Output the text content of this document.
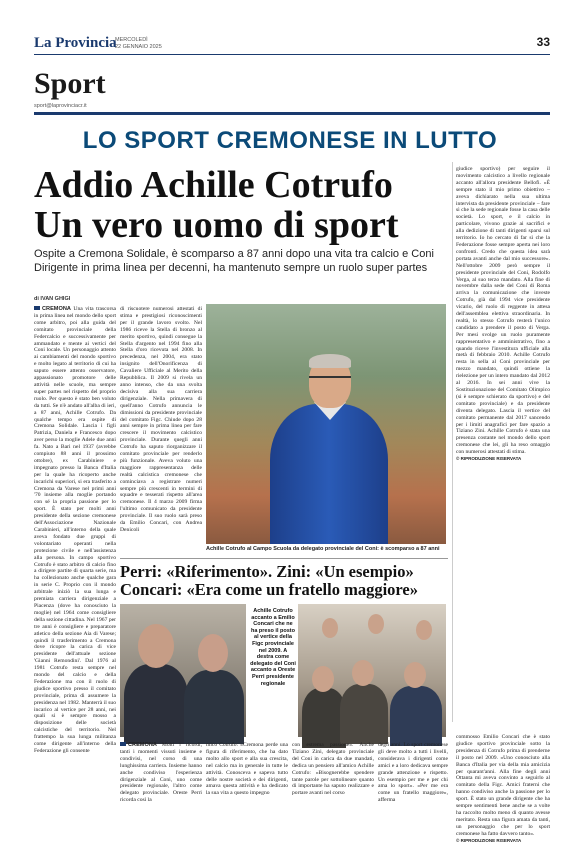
La Provincia
MERCOLEDÌ
22 GENNAIO 2025	33
Sport
sport@laprovinciacr.it
LO SPORT CREMONESE IN LUTTO
Addio Achille Cotrufo
Un vero uomo di sport
Ospite a Cremona Solidale, è scomparso a 87 anni dopo una vita tra calcio e Coni Dirigente in prima linea per decenni, ha mantenuto sempre un ruolo super partes
di IVAN GHIGI

CREMONA Una vita trascorsa in prima linea nel mondo dello sport come arbitro, poi alla guida del comitato provinciale della Federcalcio e successivamente per ammandato e mente ai vertici del Coni locale. Un personaggio attento ai cambiamenti del mondo sportivo e molto legato al territorio di cui ha saputo essere attento osservatore, appassionato promotore delle attività nelle scuole, ma sempre super partes nel rispetto del proprio ruolo. Per questo è stato ben voluto da tutti. Se n'è andato all'alba di ieri, a 87 anni, Achille Cotrufo. Da qualche tempo era ospite di Cremona Solidale. Lascia i figli Patrizia, Daniela e Francesco dopo aver perso la moglie Adele due anni fa. Nato a Bari nel 1937 (avrebbe compiuto 88 anni il prossimo ottobre), ex Carabiniere e impegnato presso la Banca d'Italia per la quale ha ricoperto anche incarichi superiori, si era trasferito a Cremona da Varese nel primi anni '70 insieme alla moglie portando con sé la propria passione per lo sport. È stato per molti anni presidente della sezione cremonese dell'Associazione Nazionale Carabinieri, all'interno della quale aveva fondato due gruppi di volontariato operanti nella protezione civile e nell'assistenza alla persona. In campo sportivo Cotrufo è stato arbitro di calcio fino a dirigere partite di quarta serie, ma ha collezionato anche qualche gara in serie C. Proprio con il mondo arbitrale iniziò la sua lunga e premiata carriera dirigenziale a Piacenza (dove ha conosciuto la moglie) nel 1964 come consigliere della sezione cittadina. Nel 1967 per tre anni è consigliere e preparatore atletico della sezione Aia di Varese; quindi il trasferimento a Cremona dove ricopre la carica di vice presidente dell'attuale sezione 'Gianni Remondini'. Dal 1976 al 1981 Cotrufo resta sempre nel mondo del calcio e della Federazione ma con il ruolo di giudice sportivo presso il comitato provinciale, prima di assumere la presidenza nel 1982. Manterrà il suo incarico al vertice per 28 anni, nei quali si è sempre mosso a disposizione delle società calcistiche del territorio. Nel frattempo la sua lunga militanza come dirigente all'interno della Federazione gli consente

di riscuotere numerosi attestati di stima e prestigiosi riconoscimenti per il grande lavoro svolto. Nel 1986 riceve la Stella di bronzo al merito sportivo, quindi consegue la Stella d'argento nel 1994 fino alla Stella d'oro ricevuta nel 2008. In precedenza, nel 2004, era stato insignito dell'Onorificenza di Cavaliere Ufficiale al Merito della Repubblica. Il 2009 si rivela un anno intenso, che da una svolta decisiva alla sua carriera dirigenziale. Nella primavera di quell'anno Cotrufo annuncia le dimissioni da presidente provinciale del comitato Figc. Chiude dopo 28 anni sempre in prima linea per fare crescere il movimento calcistico provinciale. Durante quegli anni Cotrufo ha saputo riorganizzare il comitato provinciale per renderlo più funzionale. Aveva voluto una maggiore rappresentanza delle realtà calcistica cremonese che cominciava a registrare numeri sempre più crescenti in termini di squadre e tesserati rispetto all'area cremonese. Il 4 marzo 2009 firma l'ultimo comunicato da presidente provinciale. Il suo ruolo sarà preso da Emilio Concari, con Andrea Denicoli

Achille Cotrufo al Campo Scuola da delegato provinciale del Coni: è scomparso a 87 anni

giudice sportivo) per seguire il movimento calcistico a livello regionale accanto all'allora presidente Bellofi. «È sempre stato il mio primo obiettivo – aveva dichiarato nella sua ultima intervista da presidente provinciale – fare sì che la sede regionale fosse la casa delle società. Lo sport, e il calcio in particolare, vivono grazie ai sacrifici e alla dedizione di tanti dirigenti sparsi sul territorio. Io ho cercato di far sì che la Federazione fosse sempre aperta nei loro confronti. Credo che questa idea sarà portata avanti anche dal mio successore». Nell'ottobre 2009 però sempre il presidente provinciale del Coni, Rodolfo Verga, al suo terzo mandato. Alla fine di novembre dalla sede del Coni di Roma arriva la comunicazione che investe Cotrufo, già dal 1994 vice presidente vicario, del ruolo di reggente in attesa dell'assemblea elettiva straordinaria. In realtà, lo stesso Cotrufo resterà l'unico candidato a prendere il posto di Verga. Per mesi svolge un ruolo puramente rappresentativo e amministrativo, fino a quando riceve l'investitura ufficiale alla metà di febbraio 2010. Achille Cotrufo resta in sella al Coni provinciale per mezzo mandato, quindi ottiene la rielezione per un intero mandato dal 2012 al 2016. In sei anni vive la Sostituzionazione del Comitato Olimpico (sì è sempre schierato da sportivo) e del comitato provinciale) e da presidente diventa delegato. Lascia il vertice del comitato permanente dal 2017 sancendo per i limiti anagrafici per fare spazio a Tiziano Zini. Achille Cotrufo è stata una presenza costante nel mondo dello sport cremonese che lei, gli ha reso omaggio con numerosi attestati di stima.

© RIPRODUZIONE RISERVATA

Perri: «Riferimento». Zini: «Un esempio»
Concari: «Era come un fratello maggiore»
Achille Cotrufo accanto a Emilio Concari che ne ha preso il posto al vertice della Figc provinciale nel 2009. A destra come delegato del Coni accanto a Oreste Perri presidente regionale

CREMONA Molti i ricordi, tanti i momenti vissuti insieme e condivisi, nel corso di una lunghissima carriera. Insieme hanno anche condiviso l'esperienza dirigenziale al Coni, uno come presidente regionale, l'altro come delegato provinciale. Oreste Perri ricorda così la

mico Cotrufo: «Cremona perde una figura di riferimento, che ha dato molto allo sport e alla sua crescita, nel calcio ma in generale in tutte le attività. Conosceva e sapeva tutto delle nostre società e dei dirigenti, amava questa attività e ha dedicato la sua vita a questo impegno

con estrema passione». Anche Tiziano Zini, delegato provinciale del Coni in carica da due mandati, dedica un pensiero all'amico Achille Cotrufo: «Bisognerebbe spendere tante parole per sottolineare quanto di importante ha saputo realizzare e portare avanti nel corso

degli anni. Lo sport cremonese gli deve molto a tutti i livelli, considerava i dirigenti come amici e a loro dedicava sempre grande attenzione e rispetto. Un esempio per me e per chi ama lo sport». «Per me era come un fratello maggiore», afferma

commosso Emilio Concari che è stato giudice sportivo provinciale sotto la presidenza di Cotrufo prima di prenderne il posto nel 2009. «Uno conosciuto alla Banca d'Italia per via della mia amicizia per quarant'anni. Alla fine degli anni Ottanta mi aveva convinto a seguirlo al comitato della Figc. Amici fraterni che hanno condiviso anche la passione per lo sport. È stato un grande dirigente che ha sempre sentimenti bene anche se a volte ha raccolto molto meno di quanto avesse meritato. Resta una figura amata da tanti, un personaggio che per lo sport cremonese ha fatto davvero tanto».

© RIPRODUZIONE RISERVATA
